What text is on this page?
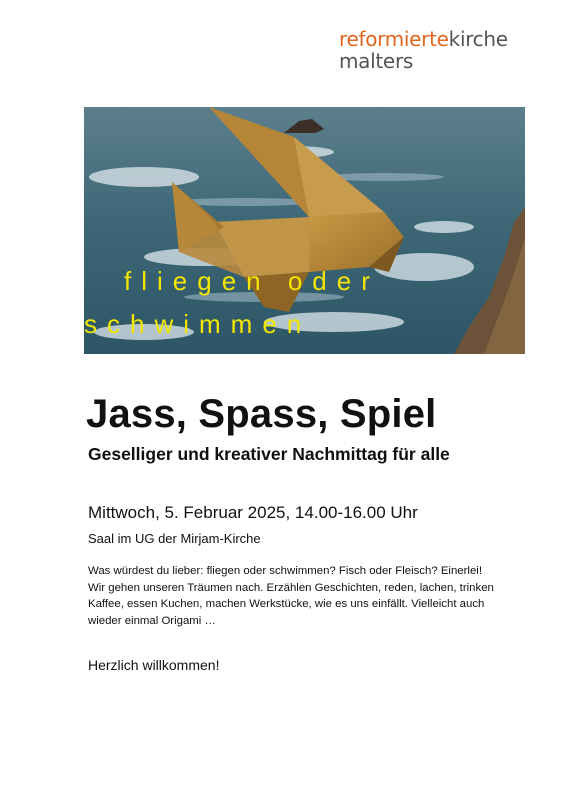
reformiertekirche
malters
fliegen oder
schwimmen
Jass, Spass, Spiel
Geselliger und kreativer Nachmittag für alle
Mittwoch, 5. Februar 2025, 14.00-16.00 Uhr
Saal im UG der Mirjam-Kirche
Was würdest du lieber: fliegen oder schwimmen? Fisch oder Fleisch? Einerlei!
Wir gehen unseren Träumen nach. Erzählen Geschichten, reden, lachen, trinken
Kaffee, essen Kuchen, machen Werkstücke, wie es uns einfällt. Vielleicht auch
wieder einmal Origami …
Herzlich willkommen!
